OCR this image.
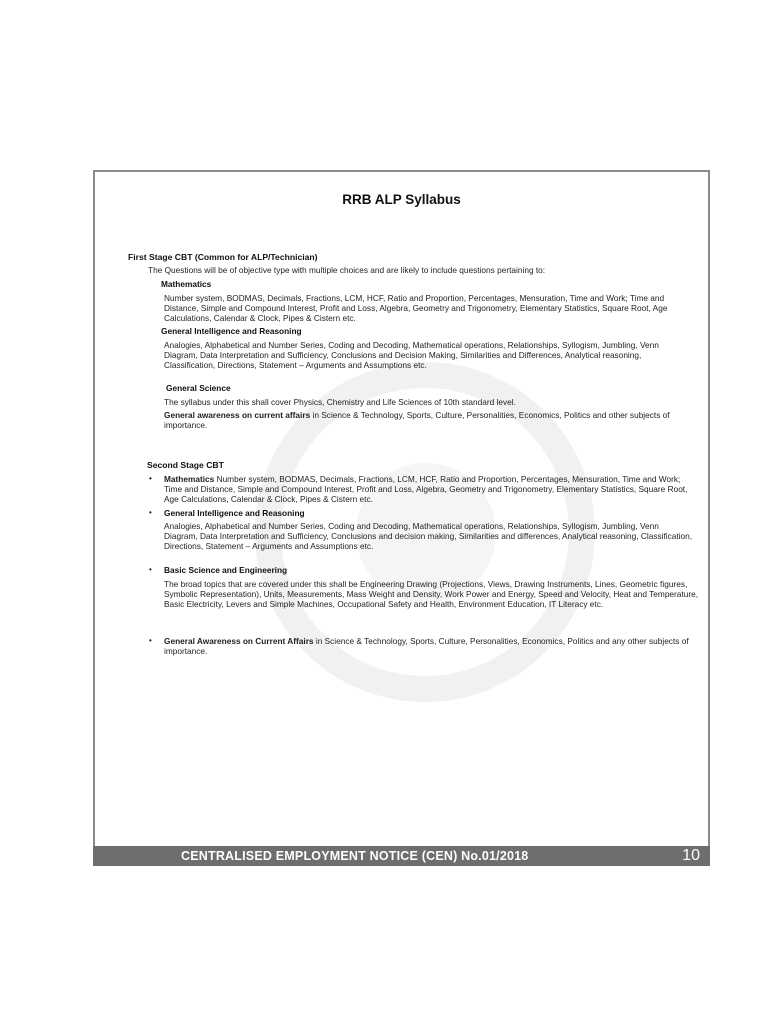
RRB ALP Syllabus
First Stage CBT (Common for ALP/Technician)
The Questions will be of objective type with multiple choices and are likely to include questions pertaining to:
Mathematics
Number system, BODMAS, Decimals, Fractions, LCM, HCF, Ratio and Proportion, Percentages, Mensuration, Time and Work; Time and Distance, Simple and Compound Interest, Profit and Loss, Algebra, Geometry and Trigonometry, Elementary Statistics, Square Root, Age Calculations, Calendar & Clock, Pipes & Cistern etc.
General Intelligence and Reasoning
Analogies, Alphabetical and Number Series, Coding and Decoding, Mathematical operations, Relationships, Syllogism, Jumbling, Venn Diagram, Data Interpretation and Sufficiency, Conclusions and Decision Making, Similarities and Differences, Analytical reasoning, Classification, Directions, Statement – Arguments and Assumptions etc.
General Science
The syllabus under this shall cover Physics, Chemistry and Life Sciences of 10th standard level.
General awareness on current affairs in Science & Technology, Sports, Culture, Personalities, Economics, Politics and other subjects of importance.
Second Stage CBT
• Mathematics Number system, BODMAS, Decimals, Fractions, LCM, HCF, Ratio and Proportion, Percentages, Mensuration, Time and Work; Time and Distance, Simple and Compound Interest, Profit and Loss, Algebra, Geometry and Trigonometry, Elementary Statistics, Square Root, Age Calculations, Calendar & Clock, Pipes & Cistern etc.
• General Intelligence and Reasoning
Analogies, Alphabetical and Number Series, Coding and Decoding, Mathematical operations, Relationships, Syllogism, Jumbling, Venn Diagram, Data Interpretation and Sufficiency, Conclusions and decision making, Similarities and differences, Analytical reasoning, Classification, Directions, Statement – Arguments and Assumptions etc.
• Basic Science and Engineering
The broad topics that are covered under this shall be Engineering Drawing (Projections, Views, Drawing Instruments, Lines, Geometric figures, Symbolic Representation), Units, Measurements, Mass Weight and Density, Work Power and Energy, Speed and Velocity, Heat and Temperature, Basic Electricity, Levers and Simple Machines, Occupational Safety and Health, Environment Education, IT Literacy etc.
• General Awareness on Current Affairs in Science & Technology, Sports, Culture, Personalities, Economics, Politics and any other subjects of importance.
CENTRALISED EMPLOYMENT NOTICE (CEN) No.01/2018	10
